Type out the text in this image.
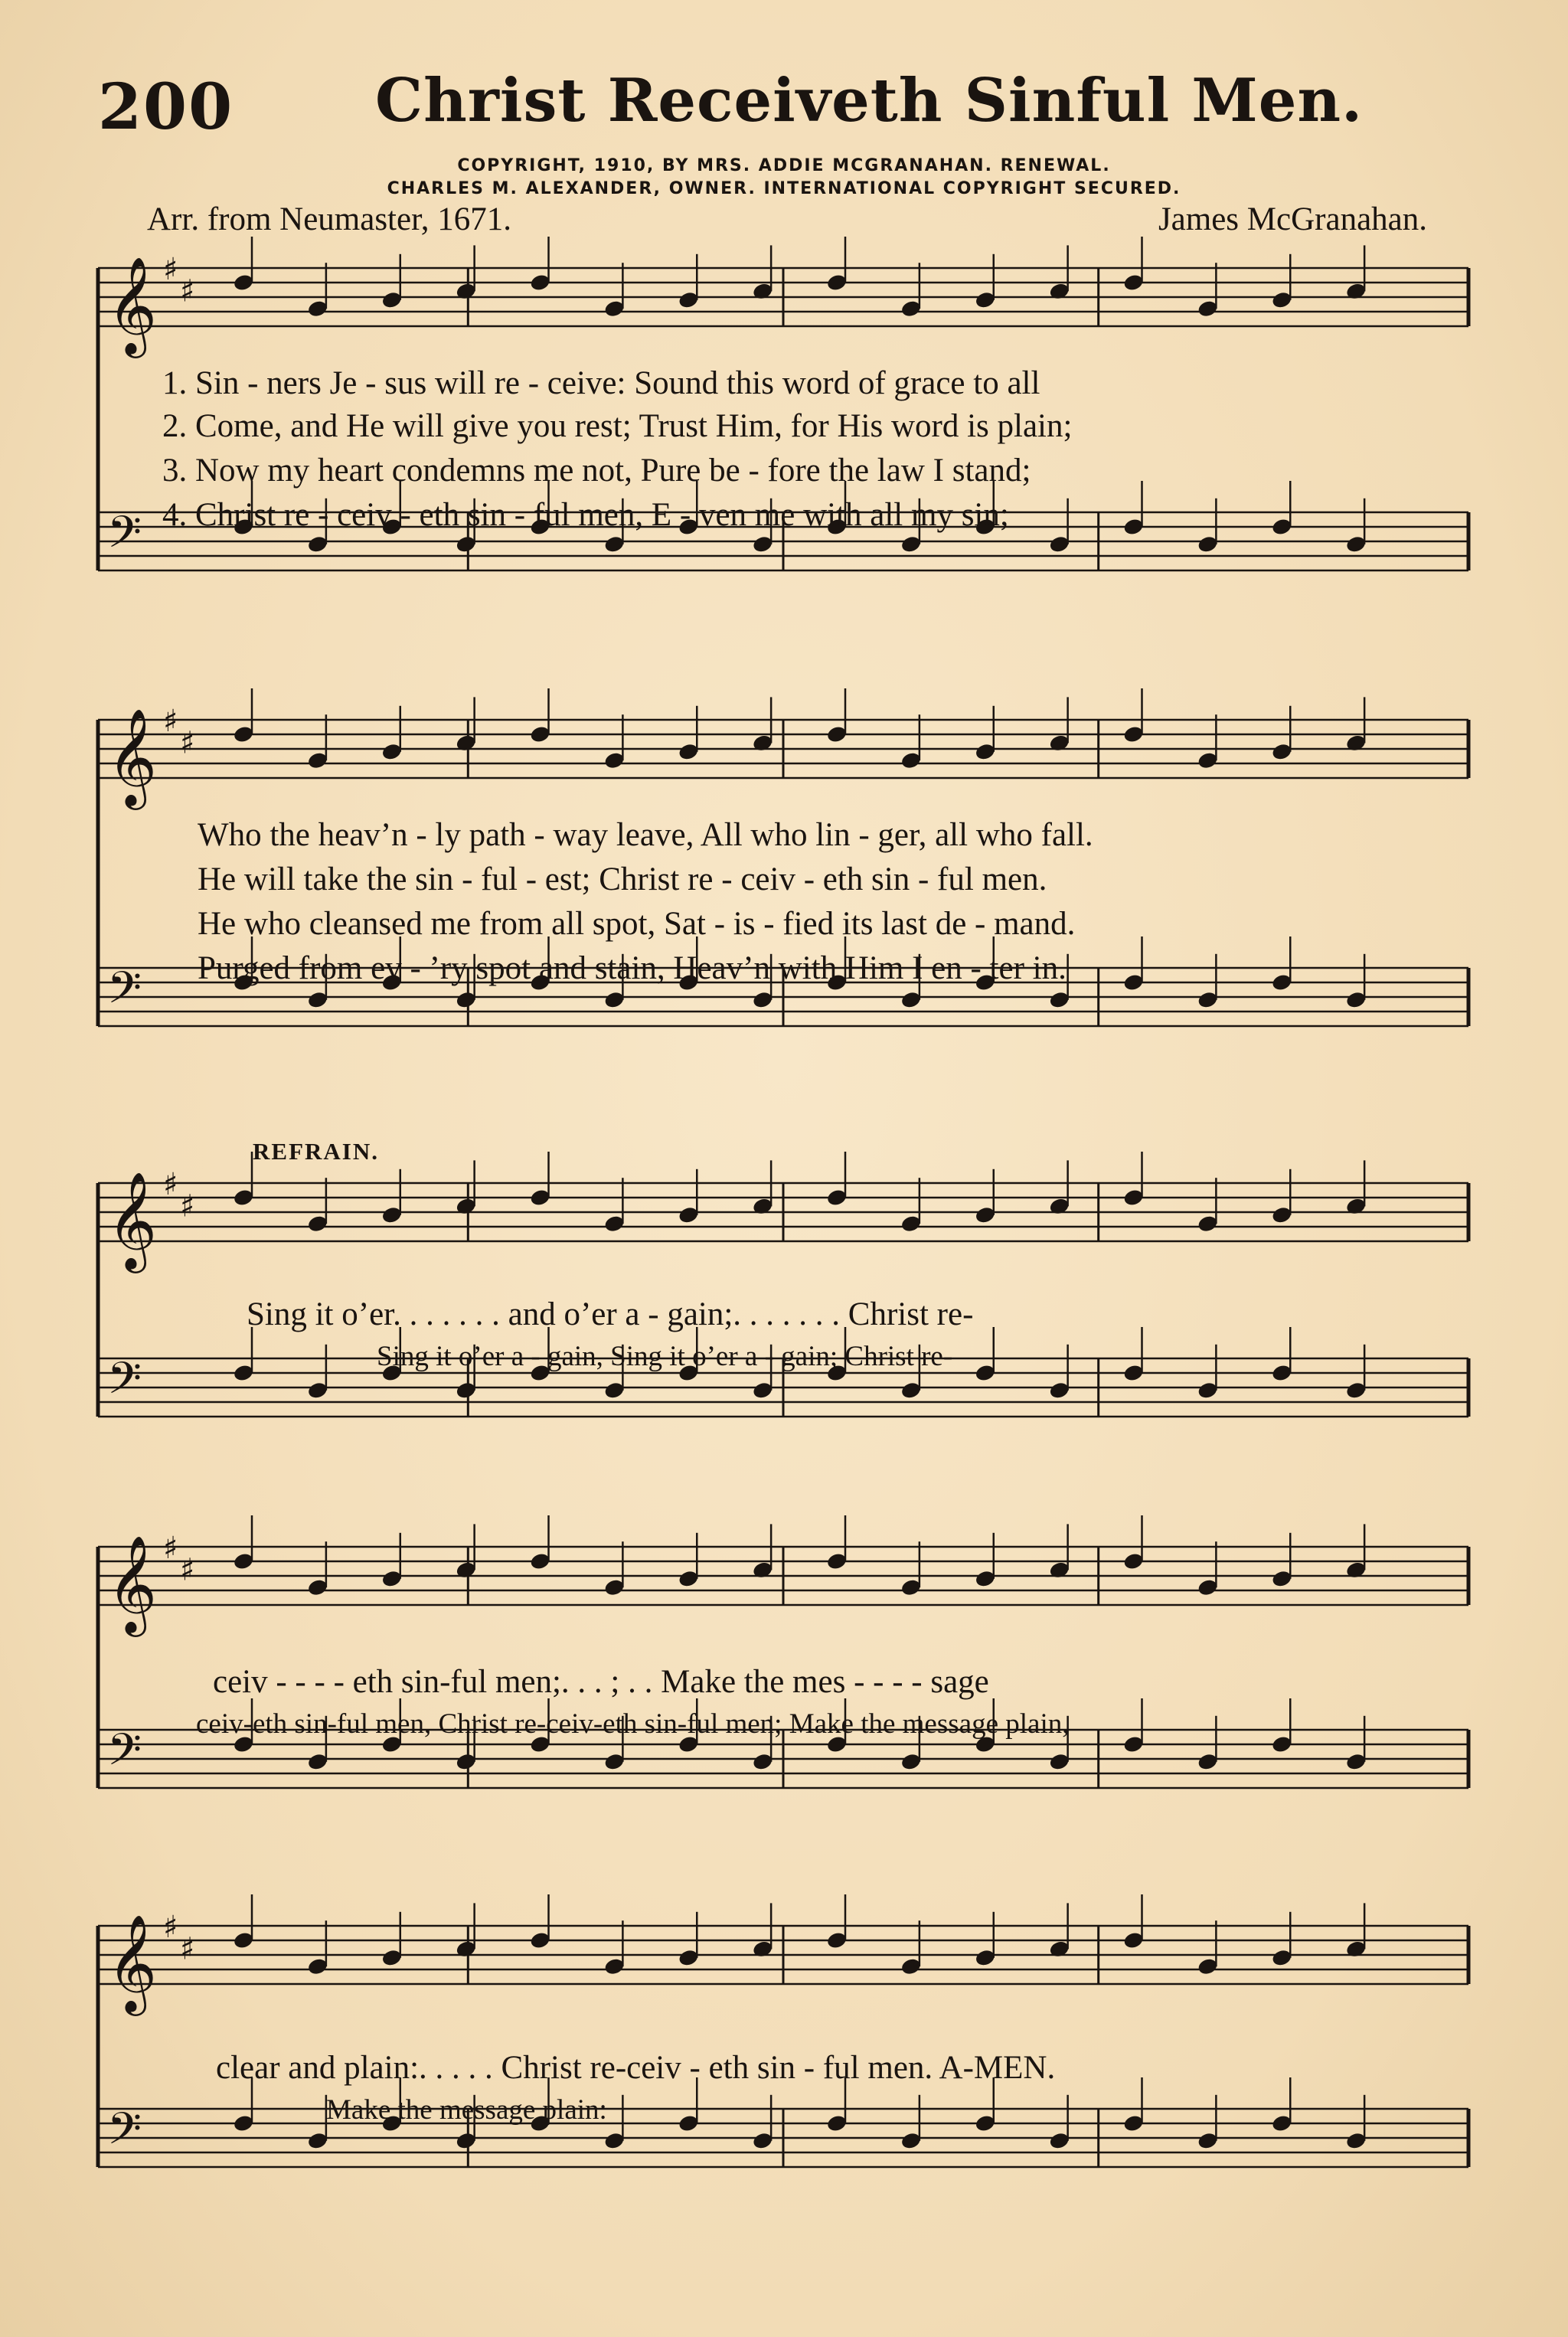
200 Christ Receiveth Sinful Men.
COPYRIGHT, 1910, BY MRS. ADDIE MCGRANAHAN. RENEWAL.
CHARLES M. ALEXANDER, OWNER. INTERNATIONAL COPYRIGHT SECURED.
Arr. from Neumaster, 1671.	James McGranahan.
𝄞
𝄢
♯
♯
𝄞
𝄢
♯
♯
𝄞
𝄢
♯
♯
𝄞
𝄢
♯
♯
𝄞
𝄢
♯
♯
1. Sin - ners Je - sus will re - ceive: Sound this word of grace to all
2. Come, and He will give you rest; Trust Him, for His word is plain;
3. Now my heart condemns me not, Pure be - fore the law I stand;
4. Christ re - ceiv - eth sin - ful men, E - ven me with all my sin;
Who the heav’n - ly path - way leave, All who lin - ger, all who fall.
He will take the sin - ful - est; Christ re - ceiv - eth sin - ful men.
He who cleansed me from all spot, Sat - is - fied its last de - mand.
Purged from ev - ’ry spot and stain, Heav’n with Him I en - ter in.
REFRAIN.
Sing it o’er. . . . . . . and o’er a - gain;. . . . . . . Christ re-
Sing it o’er a - gain, Sing it o’er a - gain; Christ re-
ceiv - - - - eth sin-ful men;. . . ; . . Make the mes - - - - sage
ceiv-eth sin-ful men, Christ re-ceiv-eth sin-ful men; Make the message plain,
clear and plain:. . . . . Christ re-ceiv - eth sin - ful men. A-MEN.
Make the message plain:
